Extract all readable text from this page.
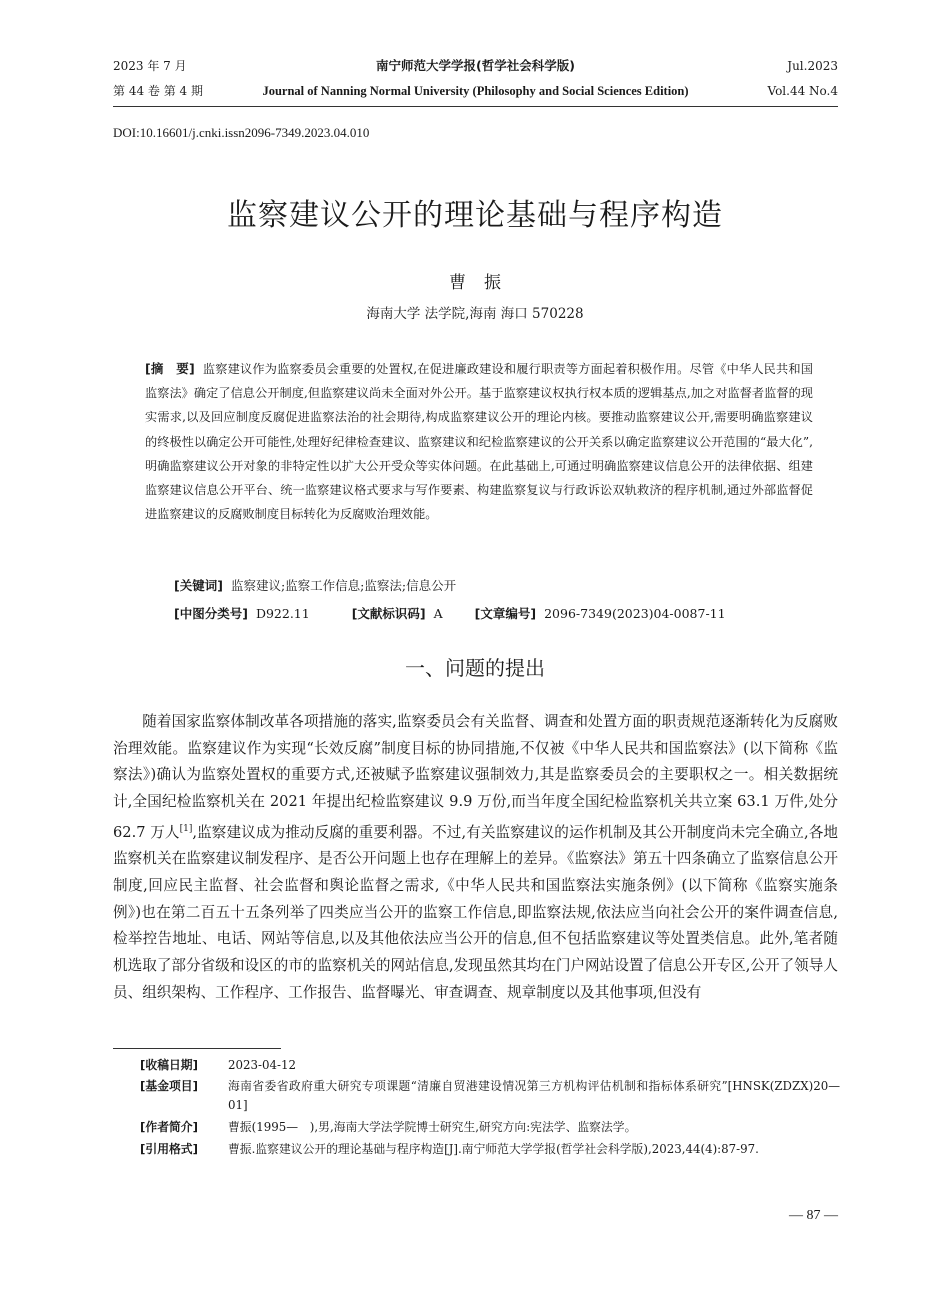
2023 年 7 月	南宁师范大学学报(哲学社会科学版)	Jul.2023
第 44 卷 第 4 期	Journal of Nanning Normal University (Philosophy and Social Sciences Edition)	Vol.44 No.4
DOI:10.16601/j.cnki.issn2096-7349.2023.04.010
监察建议公开的理论基础与程序构造
曹振
海南大学 法学院,海南 海口 570228
[摘　要] 监察建议作为监察委员会重要的处置权,在促进廉政建设和履行职责等方面起着积极作用。尽管《中华人民共和国监察法》确定了信息公开制度,但监察建议尚未全面对外公开。基于监察建议权执行权本质的逻辑基点,加之对监督者监督的现实需求,以及回应制度反腐促进监察法治的社会期待,构成监察建议公开的理论内核。要推动监察建议公开,需要明确监察建议的终极性以确定公开可能性,处理好纪律检查建议、监察建议和纪检监察建议的公开关系以确定监察建议公开范围的“最大化”,明确监察建议公开对象的非特定性以扩大公开受众等实体问题。在此基础上,可通过明确监察建议信息公开的法律依据、组建监察建议信息公开平台、统一监察建议格式要求与写作要素、构建监察复议与行政诉讼双轨救济的程序机制,通过外部监督促进监察建议的反腐败制度目标转化为反腐败治理效能。
[关键词] 监察建议;监察工作信息;监察法;信息公开
[中图分类号] D922.11	[文献标识码] A	[文章编号] 2096-7349(2023)04-0087-11
一、问题的提出
随着国家监察体制改革各项措施的落实,监察委员会有关监督、调查和处置方面的职责规范逐渐转化为反腐败治理效能。监察建议作为实现“长效反腐”制度目标的协同措施,不仅被《中华人民共和国监察法》(以下简称《监察法》)确认为监察处置权的重要方式,还被赋予监察建议强制效力,其是监察委员会的主要职权之一。相关数据统计,全国纪检监察机关在 2021 年提出纪检监察建议 9.9 万份,而当年度全国纪检监察机关共立案 63.1 万件,处分 62.7 万人[1],监察建议成为推动反腐的重要利器。不过,有关监察建议的运作机制及其公开制度尚未完全确立,各地监察机关在监察建议制发程序、是否公开问题上也存在理解上的差异。《监察法》第五十四条确立了监察信息公开制度,回应民主监督、社会监督和舆论监督之需求,《中华人民共和国监察法实施条例》(以下简称《监察实施条例》)也在第二百五十五条列举了四类应当公开的监察工作信息,即监察法规,依法应当向社会公开的案件调查信息,检举控告地址、电话、网站等信息,以及其他依法应当公开的信息,但不包括监察建议等处置类信息。此外,笔者随机选取了部分省级和设区的市的监察机关的网站信息,发现虽然其均在门户网站设置了信息公开专区,公开了领导人员、组织架构、工作程序、工作报告、监督曝光、审查调查、规章制度以及其他事项,但没有
[收稿日期]	2023-04-12
[基金项目]	海南省委省政府重大研究专项课题“清廉自贸港建设情况第三方机构评估机制和指标体系研究”[HNSK(ZDZX)20—01]
[作者简介]	曹振(1995—　),男,海南大学法学院博士研究生,研究方向:宪法学、监察法学。
[引用格式]	曹振.监察建议公开的理论基础与程序构造[J].南宁师范大学学报(哲学社会科学版),2023,44(4):87-97.
— 87 —
